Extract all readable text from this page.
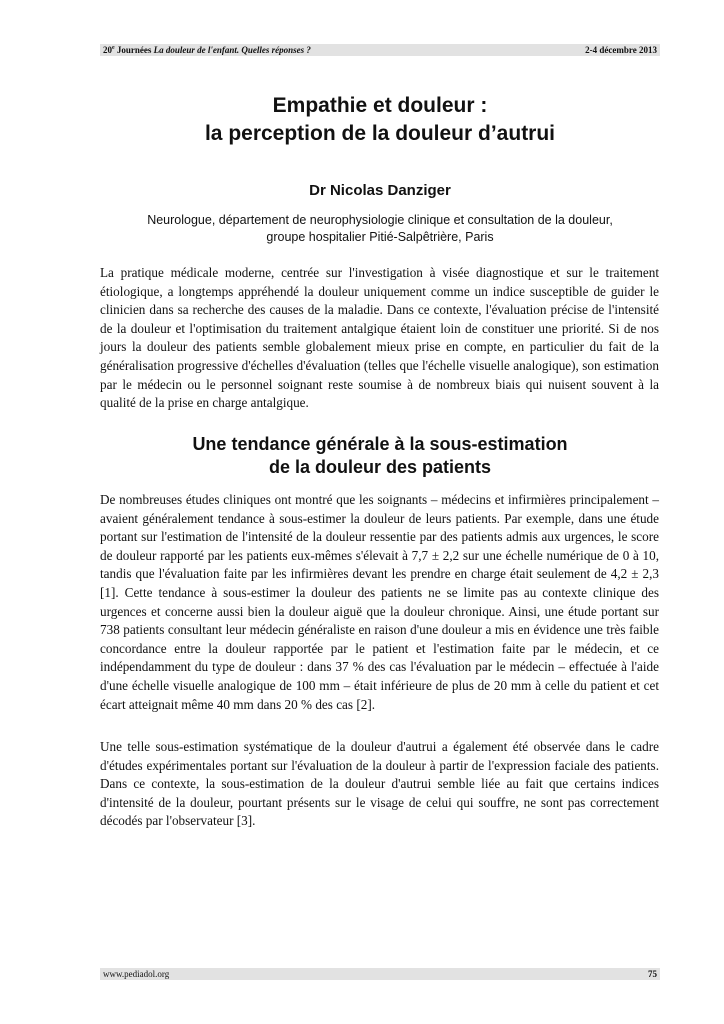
20e Journées La douleur de l'enfant. Quelles réponses ?	2-4 décembre 2013
Empathie et douleur :
la perception de la douleur d’autrui

Dr Nicolas Danziger

Neurologue, département de neurophysiologie clinique et consultation de la douleur,
groupe hospitalier Pitié-Salpêtrière, Paris

La pratique médicale moderne, centrée sur l'investigation à visée diagnostique et sur le traitement étiologique, a longtemps appréhendé la douleur uniquement comme un indice susceptible de guider le clinicien dans sa recherche des causes de la maladie. Dans ce contexte, l'évaluation précise de l'intensité de la douleur et l'optimisation du traitement antalgique étaient loin de constituer une priorité. Si de nos jours la douleur des patients semble globalement mieux prise en compte, en particulier du fait de la généralisation progressive d'échelles d'évaluation (telles que l'échelle visuelle analogique), son estimation par le médecin ou le personnel soignant reste soumise à de nombreux biais qui nuisent souvent à la qualité de la prise en charge antalgique.

Une tendance générale à la sous-estimation
de la douleur des patients

De nombreuses études cliniques ont montré que les soignants – médecins et infirmières principalement – avaient généralement tendance à sous-estimer la douleur de leurs patients. Par exemple, dans une étude portant sur l'estimation de l'intensité de la douleur ressentie par des patients admis aux urgences, le score de douleur rapporté par les patients eux-mêmes s'élevait à 7,7 ± 2,2 sur une échelle numérique de 0 à 10, tandis que l'évaluation faite par les infirmières devant les prendre en charge était seulement de 4,2 ± 2,3 [1]. Cette tendance à sous-estimer la douleur des patients ne se limite pas au contexte clinique des urgences et concerne aussi bien la douleur aiguë que la douleur chronique. Ainsi, une étude portant sur 738 patients consultant leur médecin généraliste en raison d'une douleur a mis en évidence une très faible concordance entre la douleur rapportée par le patient et l'estimation faite par le médecin, et ce indépendamment du type de douleur : dans 37 % des cas l'évaluation par le médecin – effectuée à l'aide d'une échelle visuelle analogique de 100 mm – était inférieure de plus de 20 mm à celle du patient et cet écart atteignait même 40 mm dans 20 % des cas [2].

Une telle sous-estimation systématique de la douleur d'autrui a également été observée dans le cadre d'études expérimentales portant sur l'évaluation de la douleur à partir de l'expression faciale des patients. Dans ce contexte, la sous-estimation de la douleur d'autrui semble liée au fait que certains indices d'intensité de la douleur, pourtant présents sur le visage de celui qui souffre, ne sont pas correctement décodés par l'observateur [3].

www.pediadol.org	75
